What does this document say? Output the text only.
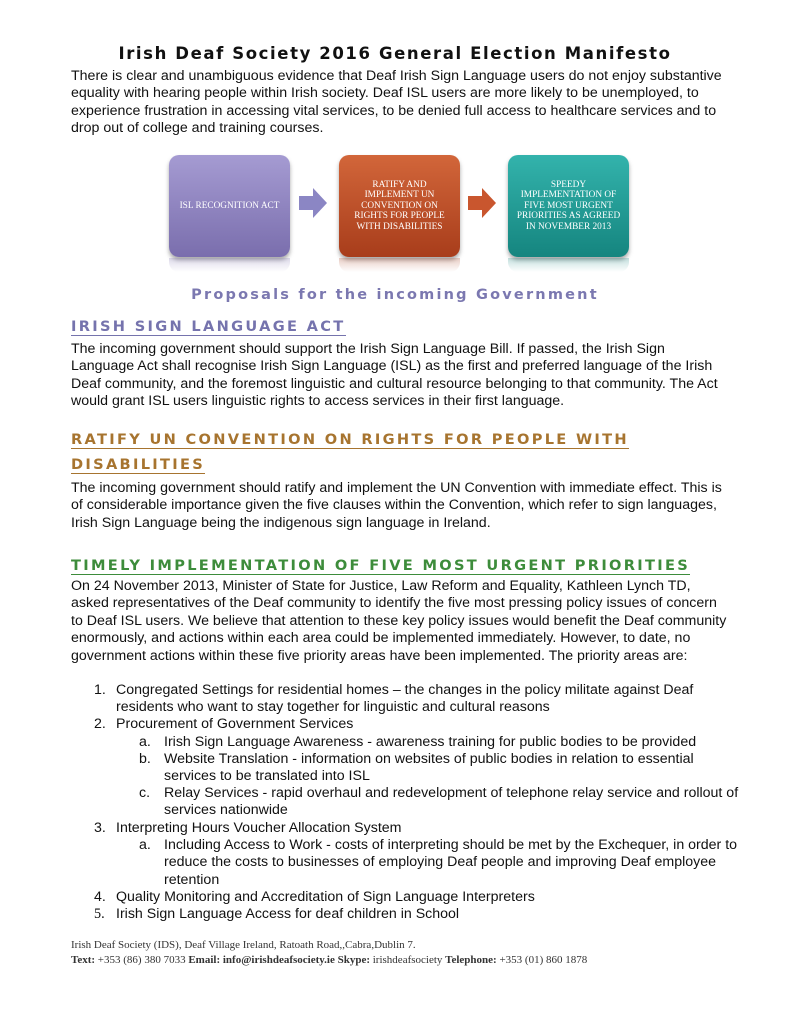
Irish Deaf Society 2016 General Election Manifesto

There is clear and unambiguous evidence that Deaf Irish Sign Language users do not enjoy substantive equality with hearing people within Irish society. Deaf ISL users are more likely to be unemployed, to experience frustration in accessing vital services, to be denied full access to healthcare services and to drop out of college and training courses.

ISL RECOGNITION ACT
RATIFY AND IMPLEMENT UN CONVENTION ON RIGHTS FOR PEOPLE WITH DISABILITIES
SPEEDY IMPLEMENTATION OF FIVE MOST URGENT PRIORITIES AS AGREED IN NOVEMBER 2013
Proposals for the incoming Government
IRISH SIGN LANGUAGE ACT

The incoming government should support the Irish Sign Language Bill. If passed, the Irish Sign Language Act shall recognise Irish Sign Language (ISL) as the first and preferred language of the Irish Deaf community, and the foremost linguistic and cultural resource belonging to that community. The Act would grant ISL users linguistic rights to access services in their first language.

RATIFY UN CONVENTION ON RIGHTS FOR PEOPLE WITH
DISABILITIES

The incoming government should ratify and implement the UN Convention with immediate effect. This is of considerable importance given the five clauses within the Convention, which refer to sign languages, Irish Sign Language being the indigenous sign language in Ireland.

TIMELY IMPLEMENTATION OF FIVE MOST URGENT PRIORITIES

On 24 November 2013, Minister of State for Justice, Law Reform and Equality, Kathleen Lynch TD, asked representatives of the Deaf community to identify the five most pressing policy issues of concern to Deaf ISL users. We believe that attention to these key policy issues would benefit the Deaf community enormously, and actions within each area could be implemented immediately. However, to date, no government actions within these five priority areas have been implemented. The priority areas are:

1. Congregated Settings for residential homes – the changes in the policy militate against Deaf residents who want to stay together for linguistic and cultural reasons
2. Procurement of Government Services
a. Irish Sign Language Awareness - awareness training for public bodies to be provided
b. Website Translation - information on websites of public bodies in relation to essential services to be translated into ISL
c. Relay Services - rapid overhaul and redevelopment of telephone relay service and rollout of services nationwide
3. Interpreting Hours Voucher Allocation System
a. Including Access to Work - costs of interpreting should be met by the Exchequer, in order to reduce the costs to businesses of employing Deaf people and improving Deaf employee retention
4. Quality Monitoring and Accreditation of Sign Language Interpreters
5. Irish Sign Language Access for deaf children in School
Irish Deaf Society (IDS), Deaf Village Ireland, Ratoath Road,,Cabra,Dublin 7.
Text: +353 (86) 380 7033 Email: info@irishdeafsociety.ie Skype: irishdeafsociety Telephone: +353 (01) 860 1878
